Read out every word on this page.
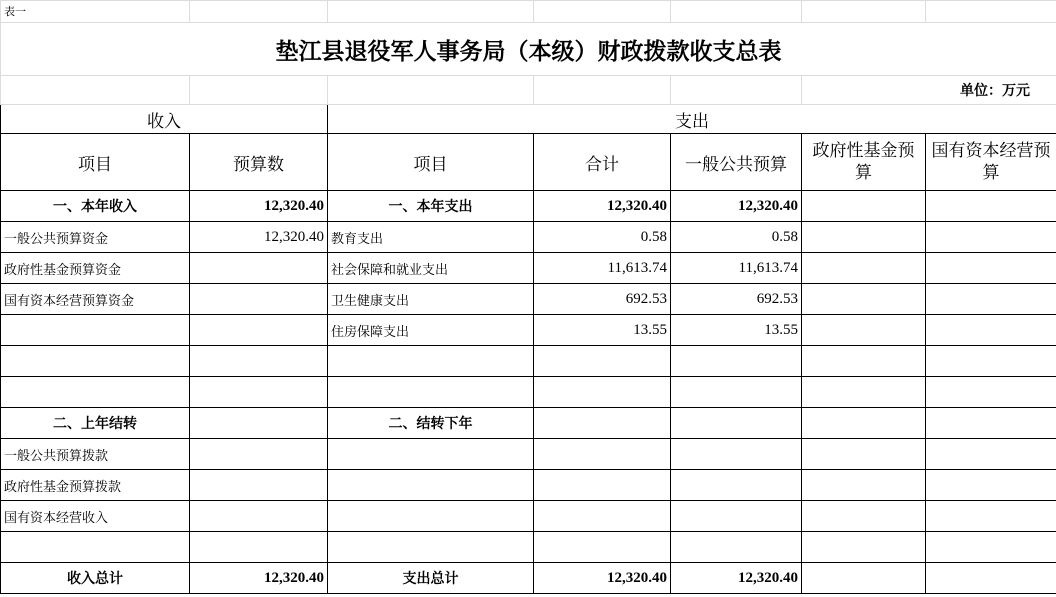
表一						
垫江县退役军人事务局（本级）财政拨款收支总表						
					单位：万元	
收入		支出				
项目	预算数	项目	合计	一般公共预算	政府性基金预算	国有资本经营预算
一、本年收入	12,320.40	一、本年支出	12,320.40	12,320.40		
一般公共预算资金	12,320.40	教育支出	0.58	0.58		
政府性基金预算资金		社会保障和就业支出	11,613.74	11,613.74		
国有资本经营预算资金		卫生健康支出	692.53	692.53		
		住房保障支出	13.55	13.55		

二、上年结转		二、结转下年				
一般公共预算拨款						
政府性基金预算拨款						
国有资本经营收入						

收入总计	12,320.40	支出总计	12,320.40	12,320.40		
